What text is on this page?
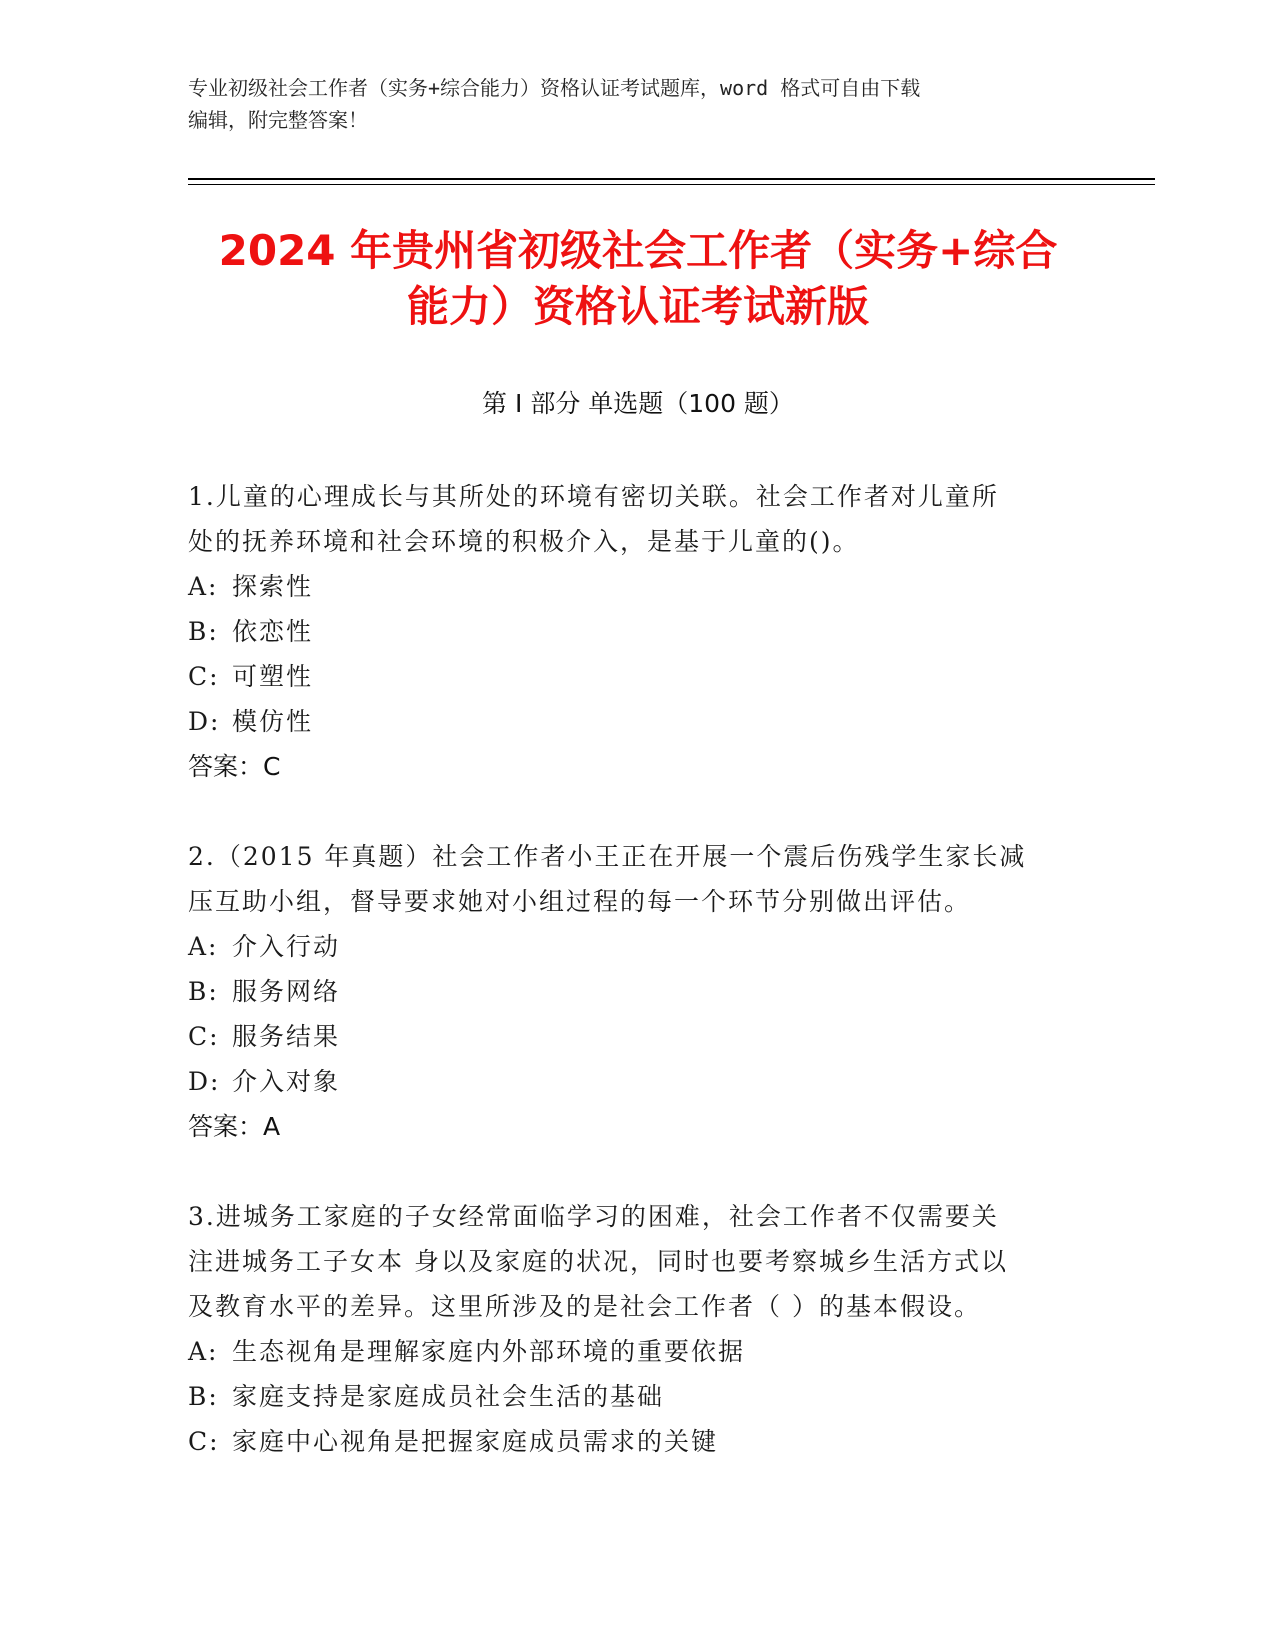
专业初级社会工作者（实务+综合能力）资格认证考试题库，word 格式可自由下载
编辑，附完整答案！
2024 年贵州省初级社会工作者（实务+综合
能力）资格认证考试新版
第 I 部分 单选题（100 题）
1.儿童的心理成长与其所处的环境有密切关联。社会工作者对儿童所
处的抚养环境和社会环境的积极介入，是基于儿童的()。
A: 探索性
B: 依恋性
C: 可塑性
D: 模仿性
答案：C
2.（2015 年真题）社会工作者小王正在开展一个震后伤残学生家长减
压互助小组，督导要求她对小组过程的每一个环节分别做出评估。
A: 介入行动
B: 服务网络
C: 服务结果
D: 介入对象
答案：A
3.进城务工家庭的子女经常面临学习的困难，社会工作者不仅需要关
注进城务工子女本 身以及家庭的状况，同时也要考察城乡生活方式以
及教育水平的差异。这里所涉及的是社会工作者（ ）的基本假设。
A: 生态视角是理解家庭内外部环境的重要依据
B: 家庭支持是家庭成员社会生活的基础
C: 家庭中心视角是把握家庭成员需求的关键
